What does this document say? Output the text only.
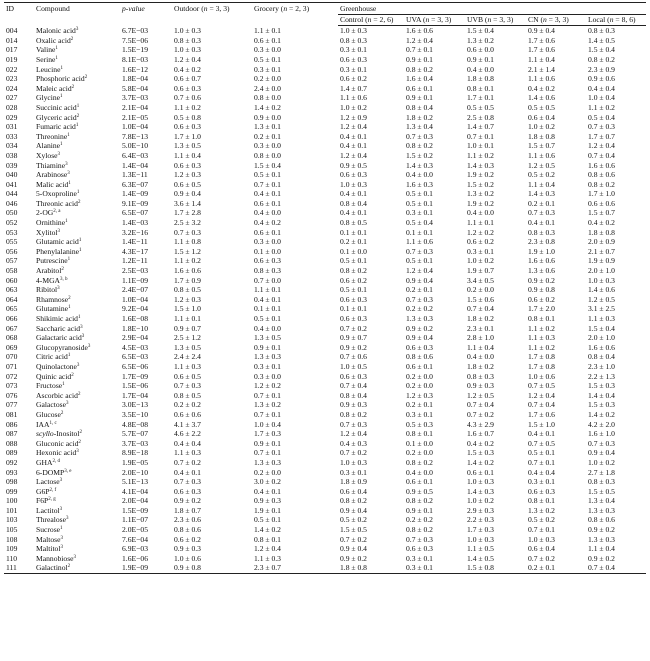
ID	Compound	p-value	Outdoor (n = 3, 3)	Grocery (n = 2, 3)	Greenhouse				
					Control (n = 2, 6)	UVA (n = 3, 3)	UVB (n = 3, 3)	CN (n = 3, 3)	Local (n = 8, 6)
004	Malonic acid$^3$	6.7E−03	1.0 ± 0.3	1.1 ± 0.1	1.0 ± 0.3	1.6 ± 0.6	1.5 ± 0.4	0.9 ± 0.4	0.8 ± 0.3
014	Oxalic acid$^2$	7.5E−06	0.8 ± 0.3	0.6 ± 0.1	0.8 ± 0.3	1.2 ± 0.4	1.3 ± 0.2	1.7 ± 0.6	1.4 ± 0.5
017	Valine$^1$	1.5E−19	1.0 ± 0.3	0.3 ± 0.0	0.3 ± 0.1	0.7 ± 0.1	0.6 ± 0.0	1.7 ± 0.6	1.5 ± 0.4
019	Serine$^1$	8.1E−03	1.2 ± 0.4	0.5 ± 0.1	0.6 ± 0.3	0.9 ± 0.1	0.9 ± 0.1	1.1 ± 0.4	0.8 ± 0.2
022	Leucine$^1$	1.6E−12	0.4 ± 0.2	0.3 ± 0.1	0.3 ± 0.1	0.8 ± 0.2	0.4 ± 0.0	2.1 ± 1.4	2.3 ± 0.9
023	Phosphoric acid$^2$	1.8E−04	0.6 ± 0.7	0.2 ± 0.0	0.6 ± 0.2	1.6 ± 0.4	1.8 ± 0.8	1.1 ± 0.6	0.9 ± 0.6
024	Maleic acid$^2$	5.8E−04	0.6 ± 0.3	2.4 ± 0.0	1.4 ± 0.7	0.6 ± 0.1	0.8 ± 0.1	0.4 ± 0.2	0.4 ± 0.4
027	Glycine$^1$	3.7E−03	0.7 ± 0.6	0.8 ± 0.0	1.1 ± 0.6	0.9 ± 0.1	1.7 ± 0.1	1.4 ± 0.6	1.0 ± 0.4
028	Succinic acid$^1$	2.1E−04	1.1 ± 0.2	1.4 ± 0.2	1.0 ± 0.2	0.8 ± 0.4	0.5 ± 0.5	0.5 ± 0.5	1.1 ± 0.2
029	Glyceric acid$^2$	2.1E−05	0.5 ± 0.8	0.9 ± 0.0	1.2 ± 0.9	1.8 ± 0.2	2.5 ± 0.8	0.6 ± 0.4	0.5 ± 0.4
031	Fumaric acid$^1$	1.0E−04	0.6 ± 0.3	1.3 ± 0.1	1.2 ± 0.4	1.3 ± 0.4	1.4 ± 0.7	1.0 ± 0.2	0.7 ± 0.3
033	Threonine$^1$	7.8E−13	1.7 ± 1.0	0.2 ± 0.1	0.4 ± 0.1	0.7 ± 0.3	0.7 ± 0.1	1.8 ± 0.8	1.7 ± 0.7
034	Alanine$^1$	5.0E−10	1.3 ± 0.5	0.3 ± 0.0	0.4 ± 0.1	0.8 ± 0.2	1.0 ± 0.1	1.5 ± 0.7	1.2 ± 0.4
038	Xylose$^3$	6.4E−03	1.1 ± 0.4	0.8 ± 0.0	1.2 ± 0.4	1.5 ± 0.2	1.1 ± 0.2	1.1 ± 0.6	0.7 ± 0.4
039	Thiamine$^3$	1.4E−04	0.6 ± 0.3	1.5 ± 0.4	0.9 ± 0.5	1.4 ± 0.3	1.4 ± 0.3	1.2 ± 0.5	1.6 ± 0.6
040	Arabinose$^3$	1.3E−11	1.2 ± 0.3	0.5 ± 0.1	0.6 ± 0.3	0.4 ± 0.0	1.9 ± 0.2	0.5 ± 0.2	0.8 ± 0.6
041	Malic acid$^1$	6.3E−07	0.6 ± 0.5	0.7 ± 0.1	1.0 ± 0.3	1.6 ± 0.3	1.5 ± 0.2	1.1 ± 0.4	0.8 ± 0.2
044	5-Oxoproline$^1$	1.4E−09	0.9 ± 0.4	0.4 ± 0.1	0.4 ± 0.1	0.5 ± 0.1	1.3 ± 0.2	1.4 ± 0.3	1.7 ± 1.0
046	Threonic acid$^2$	9.1E−09	3.6 ± 1.4	0.6 ± 0.1	0.8 ± 0.4	0.5 ± 0.1	1.9 ± 0.2	0.2 ± 0.1	0.6 ± 0.6
050	2-OG$^{2, a}$	6.5E−07	1.7 ± 2.8	0.4 ± 0.0	0.4 ± 0.1	0.3 ± 0.1	0.4 ± 0.0	0.7 ± 0.3	1.5 ± 0.7
052	Ornithine$^1$	1.4E−03	2.5 ± 3.2	0.4 ± 0.2	0.8 ± 0.5	0.5 ± 0.4	1.1 ± 0.1	0.4 ± 0.1	0.4 ± 0.2
053	Xylitol$^3$	3.2E−16	0.7 ± 0.3	0.6 ± 0.1	0.1 ± 0.1	0.1 ± 0.1	1.2 ± 0.2	0.8 ± 0.3	1.8 ± 0.8
055	Glutamic acid$^1$	1.4E−11	1.1 ± 0.8	0.3 ± 0.0	0.2 ± 0.1	1.1 ± 0.6	0.6 ± 0.2	2.3 ± 0.8	2.0 ± 0.9
056	Phenylalanine$^1$	4.3E−17	1.5 ± 1.2	0.1 ± 0.0	0.1 ± 0.0	0.7 ± 0.3	0.3 ± 0.1	1.9 ± 1.0	2.1 ± 0.7
057	Putrescine$^1$	1.2E−11	1.1 ± 0.2	0.6 ± 0.3	0.5 ± 0.1	0.5 ± 0.1	1.0 ± 0.2	1.6 ± 0.6	1.9 ± 0.9
058	Arabitol$^2$	2.5E−03	1.6 ± 0.6	0.8 ± 0.3	0.8 ± 0.2	1.2 ± 0.4	1.9 ± 0.7	1.3 ± 0.6	2.0 ± 1.0
060	4-MGA$^{3, b}$	1.1E−09	1.7 ± 0.9	0.7 ± 0.0	0.6 ± 0.2	0.9 ± 0.4	3.4 ± 0.5	0.9 ± 0.2	1.0 ± 0.3
063	Ribitol$^3$	2.4E−07	0.8 ± 0.5	1.1 ± 0.1	0.5 ± 0.1	0.2 ± 0.1	0.2 ± 0.0	0.9 ± 0.8	1.4 ± 0.6
064	Rhamnose$^2$	1.0E−04	1.2 ± 0.3	0.4 ± 0.1	0.6 ± 0.3	0.7 ± 0.3	1.5 ± 0.6	0.6 ± 0.2	1.2 ± 0.5
065	Glutamine$^1$	9.2E−04	1.5 ± 1.0	0.1 ± 0.1	0.1 ± 0.1	0.2 ± 0.2	0.7 ± 0.4	1.7 ± 2.0	3.1 ± 2.5
066	Shikimic acid$^1$	1.6E−08	1.1 ± 0.1	0.5 ± 0.1	0.6 ± 0.3	1.3 ± 0.3	1.8 ± 0.2	0.8 ± 0.1	1.1 ± 0.3
067	Saccharic acid$^3$	1.8E−10	0.9 ± 0.7	0.4 ± 0.0	0.7 ± 0.2	0.9 ± 0.2	2.3 ± 0.1	1.1 ± 0.2	1.5 ± 0.4
068	Galactaric acid$^3$	2.9E−04	2.5 ± 1.2	1.3 ± 0.5	0.9 ± 0.7	0.9 ± 0.4	2.8 ± 1.0	1.1 ± 0.3	2.0 ± 1.0
069	Glucopyranoside$^3$	4.5E−03	1.3 ± 0.5	0.9 ± 0.1	0.9 ± 0.2	0.6 ± 0.3	1.1 ± 0.4	1.1 ± 0.2	1.6 ± 0.6
070	Citric acid$^1$	6.5E−03	2.4 ± 2.4	1.3 ± 0.3	0.7 ± 0.6	0.8 ± 0.6	0.4 ± 0.0	1.7 ± 0.8	0.8 ± 0.4
071	Quinolactone$^3$	6.5E−06	1.1 ± 0.3	0.3 ± 0.1	1.0 ± 0.5	0.6 ± 0.1	1.8 ± 0.2	1.7 ± 0.8	2.3 ± 1.0
072	Quinic acid$^2$	1.7E−09	0.6 ± 0.5	0.3 ± 0.0	0.6 ± 0.3	0.2 ± 0.0	0.8 ± 0.3	1.0 ± 0.6	2.2 ± 1.3
073	Fructose$^1$	1.5E−06	0.7 ± 0.3	1.2 ± 0.2	0.7 ± 0.4	0.2 ± 0.0	0.9 ± 0.3	0.7 ± 0.5	1.5 ± 0.3
076	Ascorbic acid$^2$	1.7E−04	0.8 ± 0.5	0.7 ± 0.1	0.8 ± 0.4	1.2 ± 0.3	1.2 ± 0.5	1.2 ± 0.4	1.4 ± 0.4
077	Galactose$^3$	3.0E−13	0.2 ± 0.2	1.3 ± 0.2	0.9 ± 0.3	0.2 ± 0.1	0.7 ± 0.4	0.7 ± 0.4	1.5 ± 0.3
081	Glucose$^2$	3.5E−10	0.6 ± 0.6	0.7 ± 0.1	0.8 ± 0.2	0.3 ± 0.1	0.7 ± 0.2	1.7 ± 0.6	1.4 ± 0.2
086	IAA$^{1, c}$	4.8E−08	4.1 ± 3.7	1.0 ± 0.4	0.7 ± 0.3	0.5 ± 0.3	4.3 ± 2.9	1.5 ± 1.0	4.2 ± 2.0
087	scyllo-Inositol$^2$	5.7E−07	4.6 ± 2.2	1.7 ± 0.3	1.2 ± 0.4	0.8 ± 0.1	1.6 ± 0.7	0.4 ± 0.1	1.6 ± 1.0
088	Gluconic acid$^2$	3.7E−03	0.4 ± 0.4	0.9 ± 0.1	0.4 ± 0.3	0.1 ± 0.0	0.4 ± 0.2	0.7 ± 0.5	0.7 ± 0.3
089	Hexonic acid$^3$	8.9E−18	1.1 ± 0.3	0.7 ± 0.1	0.7 ± 0.2	0.2 ± 0.0	1.5 ± 0.3	0.5 ± 0.1	0.9 ± 0.4
092	GHA$^{2, d}$	1.9E−05	0.7 ± 0.2	1.3 ± 0.3	1.0 ± 0.3	0.8 ± 0.2	1.4 ± 0.2	0.7 ± 0.1	1.0 ± 0.2
093	6-DOMP$^{3, e}$	2.0E−10	0.4 ± 0.1	0.2 ± 0.0	0.3 ± 0.1	0.4 ± 0.0	0.6 ± 0.1	0.4 ± 0.4	2.7 ± 1.8
098	Lactose$^3$	5.1E−13	0.7 ± 0.3	3.0 ± 0.2	1.8 ± 0.9	0.6 ± 0.1	1.0 ± 0.3	0.3 ± 0.1	0.8 ± 0.3
099	$G6P^{2, f}$	4.1E−04	0.6 ± 0.3	0.4 ± 0.1	0.6 ± 0.4	0.9 ± 0.5	1.4 ± 0.3	0.6 ± 0.3	1.5 ± 0.5
100	$F6P^{2, g}$	2.0E−04	0.9 ± 0.2	0.9 ± 0.3	0.8 ± 0.2	0.8 ± 0.2	1.0 ± 0.2	0.8 ± 0.1	1.3 ± 0.4
101	Lactitol$^3$	1.5E−09	1.8 ± 0.7	1.9 ± 0.1	0.9 ± 0.4	0.9 ± 0.1	2.9 ± 0.3	1.3 ± 0.2	1.3 ± 0.3
103	Threalose$^3$	1.1E−07	2.3 ± 0.6	0.5 ± 0.1	0.5 ± 0.2	0.2 ± 0.2	2.2 ± 0.3	0.5 ± 0.2	0.8 ± 0.6
105	Sucrose$^1$	2.0E−05	0.8 ± 0.6	1.4 ± 0.2	1.5 ± 0.5	0.8 ± 0.2	1.7 ± 0.3	0.7 ± 0.1	0.9 ± 0.2
108	Maltose$^3$	7.6E−04	0.6 ± 0.2	0.8 ± 0.1	0.7 ± 0.2	0.7 ± 0.3	1.0 ± 0.3	1.0 ± 0.3	1.3 ± 0.3
109	Maltitol$^3$	6.9E−03	0.9 ± 0.3	1.2 ± 0.4	0.9 ± 0.4	0.6 ± 0.3	1.1 ± 0.5	0.6 ± 0.4	1.1 ± 0.4
110	Mannobiose$^3$	1.6E−06	1.0 ± 0.6	1.1 ± 0.3	0.9 ± 0.2	0.3 ± 0.1	1.4 ± 0.5	0.7 ± 0.2	0.9 ± 0.2
111	Galactinol$^2$	1.9E−09	0.9 ± 0.8	2.3 ± 0.7	1.8 ± 0.8	0.3 ± 0.1	1.5 ± 0.8	0.2 ± 0.1	0.7 ± 0.4
